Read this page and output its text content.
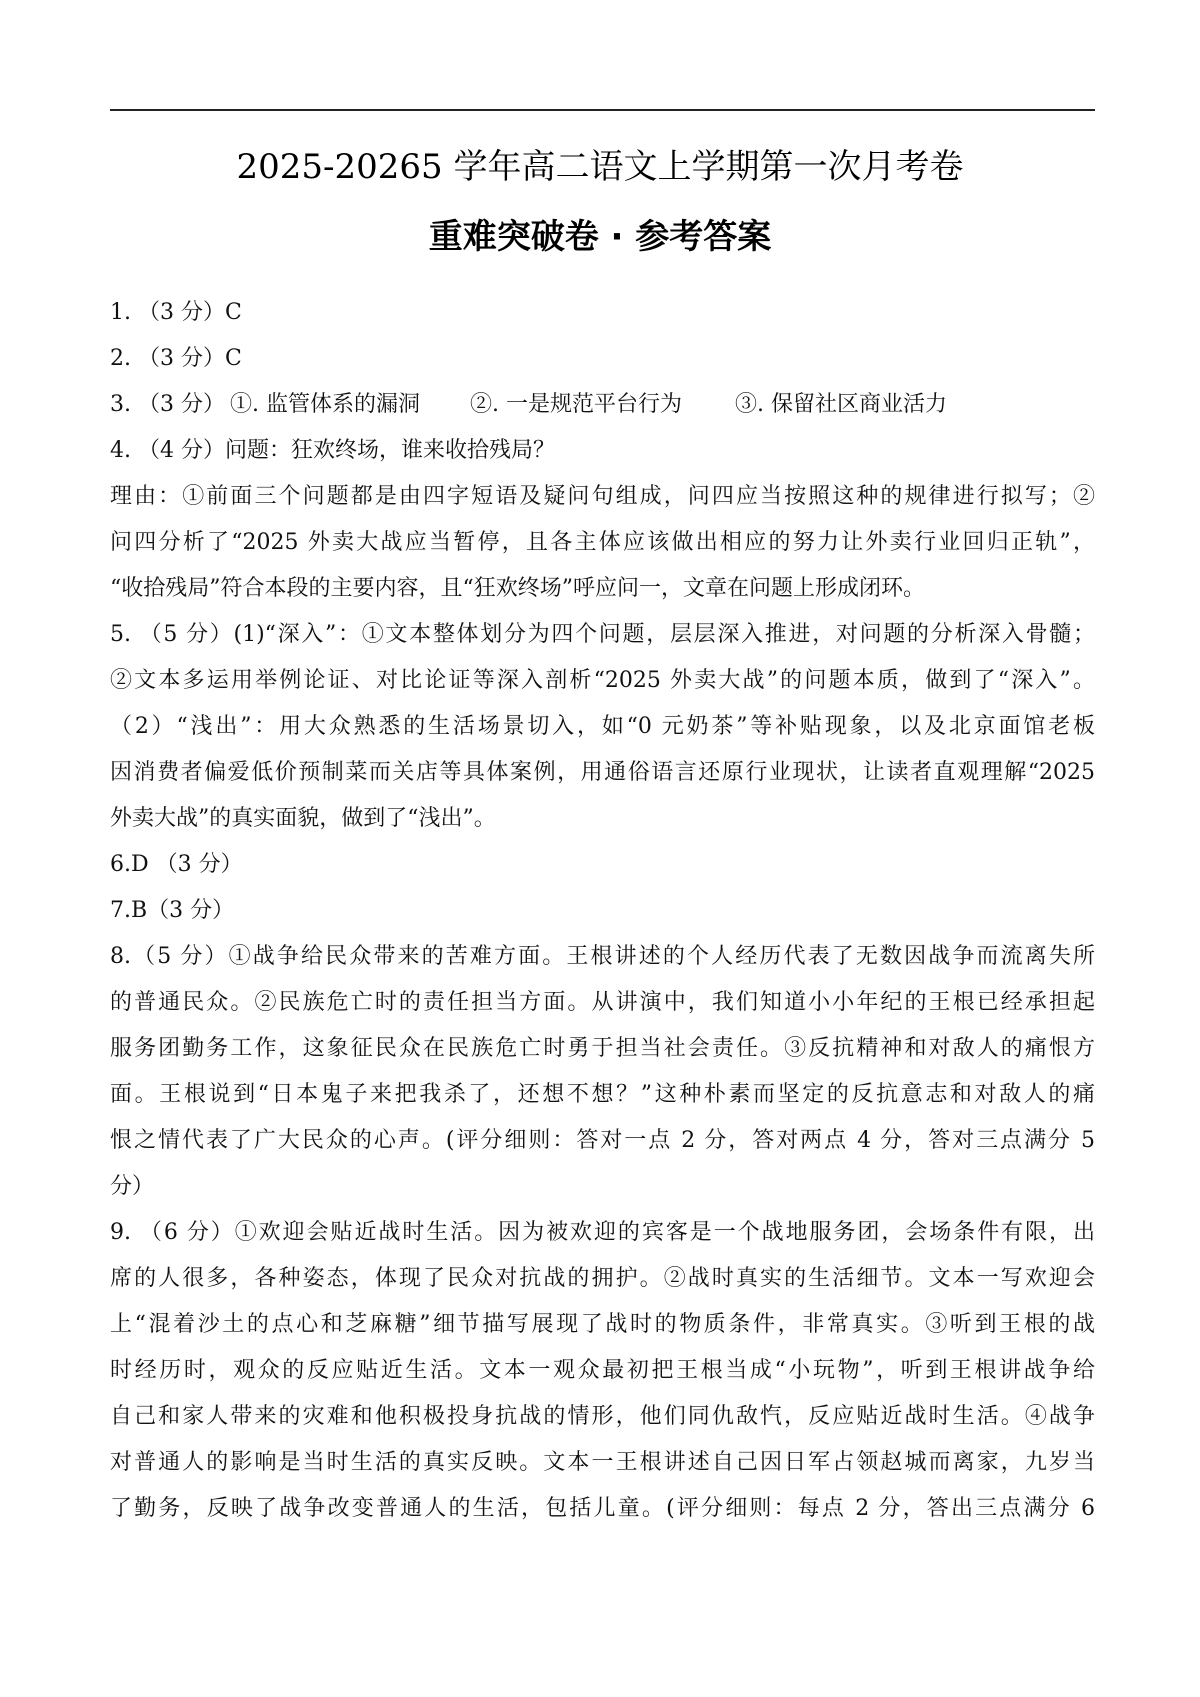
2025-20265 学年高二语文上学期第一次月考卷
重难突破卷 · 参考答案
1. （3 分）C
2. （3 分）C
3. （3 分） ①. 监管体系的漏洞	②. 一是规范平台行为	③. 保留社区商业活力
4. （4 分）问题：狂欢终场，谁来收拾残局？
理由：①前面三个问题都是由四字短语及疑问句组成，问四应当按照这种的规律进行拟写；②
问四分析了“2025 外卖大战应当暂停，且各主体应该做出相应的努力让外卖行业回归正轨”，
“收拾残局”符合本段的主要内容，且“狂欢终场”呼应问一，文章在问题上形成闭环。
5. （5 分）(1)“深入”：①文本整体划分为四个问题，层层深入推进，对问题的分析深入骨髓；
②文本多运用举例论证、对比论证等深入剖析“2025 外卖大战”的问题本质，做到了“深入”。
（2）“浅出”：用大众熟悉的生活场景切入，如“0 元奶茶”等补贴现象，以及北京面馆老板
因消费者偏爱低价预制菜而关店等具体案例，用通俗语言还原行业现状，让读者直观理解“2025
外卖大战”的真实面貌，做到了“浅出”。
6.D （3 分）
7.B（3 分）
8.（5 分）①战争给民众带来的苦难方面。王根讲述的个人经历代表了无数因战争而流离失所
的普通民众。②民族危亡时的责任担当方面。从讲演中，我们知道小小年纪的王根已经承担起
服务团勤务工作，这象征民众在民族危亡时勇于担当社会责任。③反抗精神和对敌人的痛恨方
面。王根说到“日本鬼子来把我杀了，还想不想？”这种朴素而坚定的反抗意志和对敌人的痛
恨之情代表了广大民众的心声。(评分细则：答对一点 2 分，答对两点 4 分，答对三点满分 5
分）
9. （6 分）①欢迎会贴近战时生活。因为被欢迎的宾客是一个战地服务团，会场条件有限，出
席的人很多，各种姿态，体现了民众对抗战的拥护。②战时真实的生活细节。文本一写欢迎会
上“混着沙土的点心和芝麻糖”细节描写展现了战时的物质条件，非常真实。③听到王根的战
时经历时，观众的反应贴近生活。文本一观众最初把王根当成“小玩物”，听到王根讲战争给
自己和家人带来的灾难和他积极投身抗战的情形，他们同仇敌忾，反应贴近战时生活。④战争
对普通人的影响是当时生活的真实反映。文本一王根讲述自己因日军占领赵城而离家，九岁当
了勤务，反映了战争改变普通人的生活，包括儿童。(评分细则：每点 2 分，答出三点满分 6
